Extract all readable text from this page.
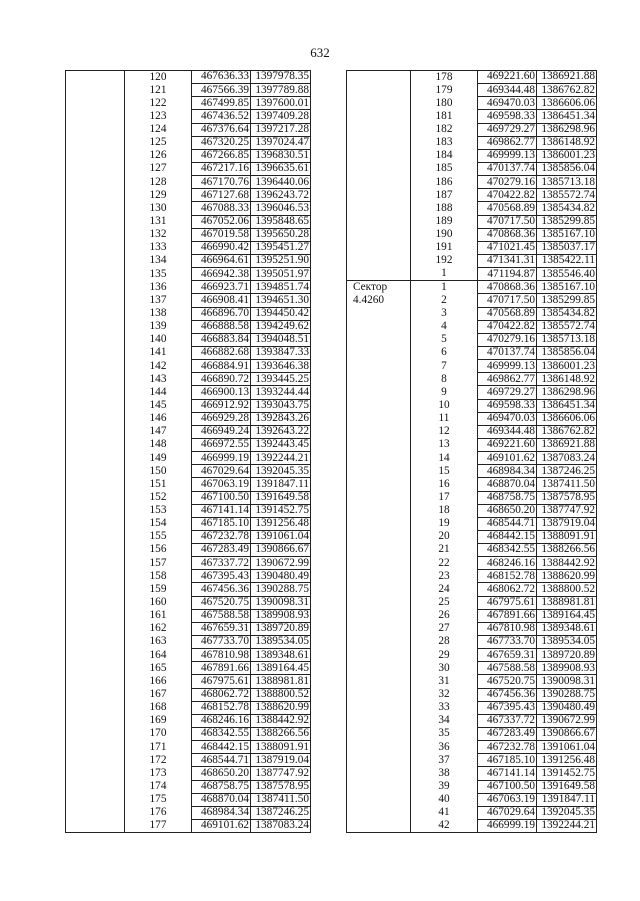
632
	120	467636.33	1397978.35
	121	467566.39	1397789.88
	122	467499.85	1397600.01
	123	467436.52	1397409.28
	124	467376.64	1397217.28
	125	467320.25	1397024.47
	126	467266.85	1396830.51
	127	467217.16	1396635.61
	128	467170.76	1396440.06
	129	467127.68	1396243.72
	130	467088.33	1396046.53
	131	467052.06	1395848.65
	132	467019.58	1395650.28
	133	466990.42	1395451.27
	134	466964.61	1395251.90
	135	466942.38	1395051.97
	136	466923.71	1394851.74
	137	466908.41	1394651.30
	138	466896.70	1394450.42
	139	466888.58	1394249.62
	140	466883.84	1394048.51
	141	466882.68	1393847.33
	142	466884.91	1393646.38
	143	466890.72	1393445.25
	144	466900.13	1393244.44
	145	466912.92	1393043.75
	146	466929.28	1392843.26
	147	466949.24	1392643.22
	148	466972.55	1392443.45
	149	466999.19	1392244.21
	150	467029.64	1392045.35
	151	467063.19	1391847.11
	152	467100.50	1391649.58
	153	467141.14	1391452.75
	154	467185.10	1391256.48
	155	467232.78	1391061.04
	156	467283.49	1390866.67
	157	467337.72	1390672.99
	158	467395.43	1390480.49
	159	467456.36	1390288.75
	160	467520.75	1390098.31
	161	467588.58	1389908.93
	162	467659.31	1389720.89
	163	467733.70	1389534.05
	164	467810.98	1389348.61
	165	467891.66	1389164.45
	166	467975.61	1388981.81
	167	468062.72	1388800.52
	168	468152.78	1388620.99
	169	468246.16	1388442.92
	170	468342.55	1388266.56
	171	468442.15	1388091.91
	172	468544.71	1387919.04
	173	468650.20	1387747.92
	174	468758.75	1387578.95
	175	468870.04	1387411.50
	176	468984.34	1387246.25
	177	469101.62	1387083.24
	178	469221.60	1386921.88
	179	469344.48	1386762.82
	180	469470.03	1386606.06
	181	469598.33	1386451.34
	182	469729.27	1386298.96
	183	469862.77	1386148.92
	184	469999.13	1386001.23
	185	470137.74	1385856.04
	186	470279.16	1385713.18
	187	470422.82	1385572.74
	188	470568.89	1385434.82
	189	470717.50	1385299.85
	190	470868.36	1385167.10
	191	471021.45	1385037.17
	192	471341.31	1385422.11
	1	471194.87	1385546.40
Сектор	1	470868.36	1385167.10
4.4260	2	470717.50	1385299.85
	3	470568.89	1385434.82
	4	470422.82	1385572.74
	5	470279.16	1385713.18
	6	470137.74	1385856.04
	7	469999.13	1386001.23
	8	469862.77	1386148.92
	9	469729.27	1386298.96
	10	469598.33	1386451.34
	11	469470.03	1386606.06
	12	469344.48	1386762.82
	13	469221.60	1386921.88
	14	469101.62	1387083.24
	15	468984.34	1387246.25
	16	468870.04	1387411.50
	17	468758.75	1387578.95
	18	468650.20	1387747.92
	19	468544.71	1387919.04
	20	468442.15	1388091.91
	21	468342.55	1388266.56
	22	468246.16	1388442.92
	23	468152.78	1388620.99
	24	468062.72	1388800.52
	25	467975.61	1388981.81
	26	467891.66	1389164.45
	27	467810.98	1389348.61
	28	467733.70	1389534.05
	29	467659.31	1389720.89
	30	467588.58	1389908.93
	31	467520.75	1390098.31
	32	467456.36	1390288.75
	33	467395.43	1390480.49
	34	467337.72	1390672.99
	35	467283.49	1390866.67
	36	467232.78	1391061.04
	37	467185.10	1391256.48
	38	467141.14	1391452.75
	39	467100.50	1391649.58
	40	467063.19	1391847.11
	41	467029.64	1392045.35
	42	466999.19	1392244.21
